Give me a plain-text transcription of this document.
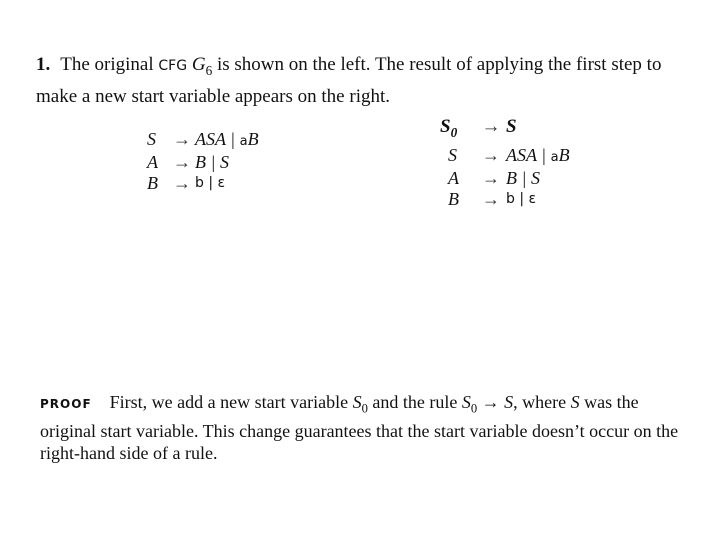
1. The original CFG $G_6$ is shown on the left. The result of applying the first step to make a new start variable appears on the right.
S → ASA | aB
A → B | S
B → b | ε
$S_0$	→ S
S	→ ASA | aB
A	→ B | S
B	→ b | ε
PROOF First, we add a new start variable $S_0$ and the rule $S_0 \to S$, where S was the original start variable. This change guarantees that the start variable doesn’t occur on the right-hand side of a rule.
